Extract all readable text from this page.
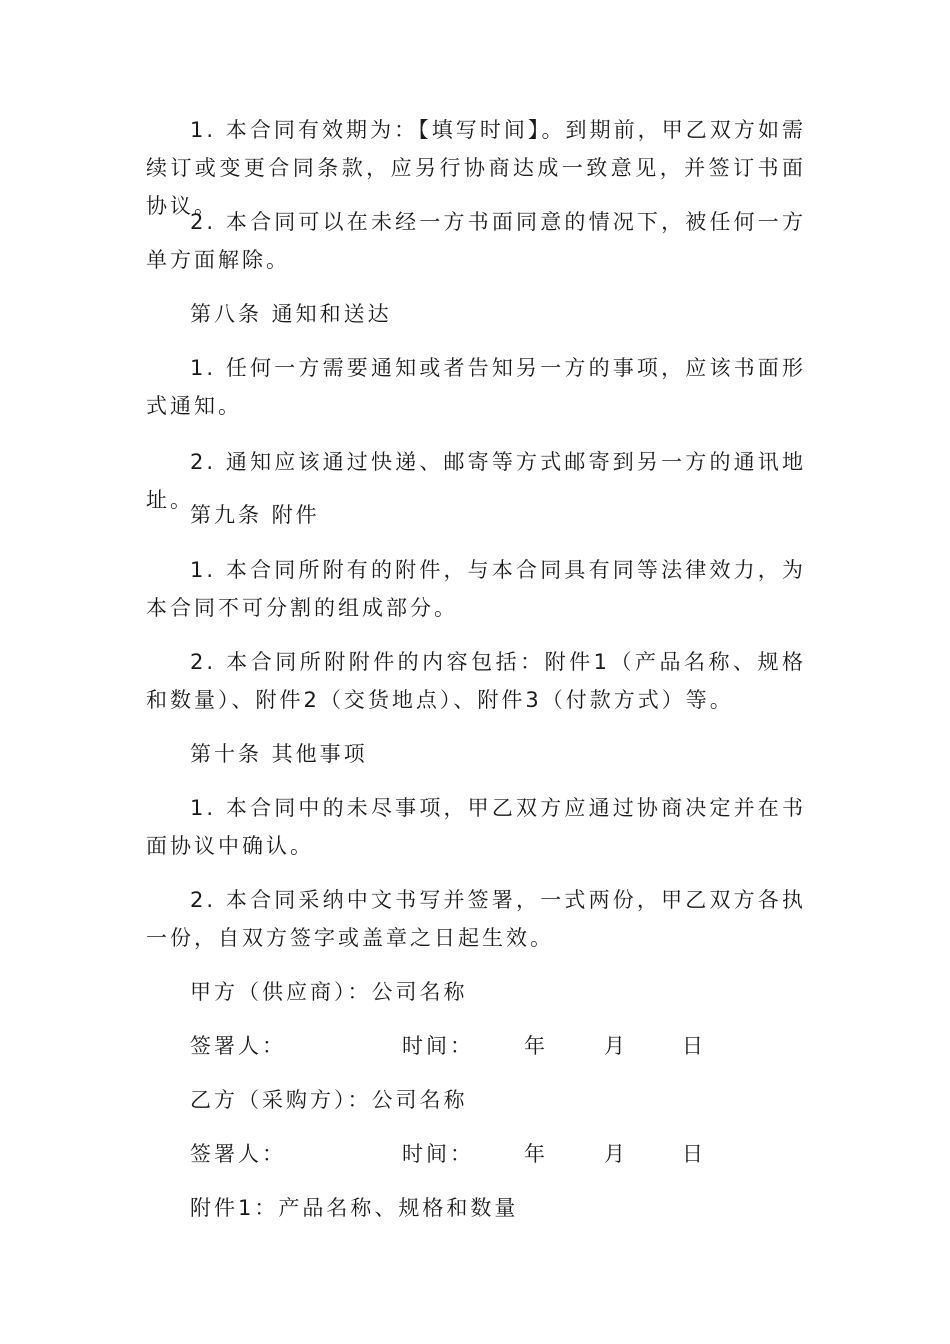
1. 本合同有效期为：【填写时间】。到期前，甲乙双方如需续订或变更合同条款，应另行协商达成一致意见，并签订书面协议。

2. 本合同可以在未经一方书面同意的情况下，被任何一方单方面解除。

第八条 通知和送达

1. 任何一方需要通知或者告知另一方的事项，应该书面形式通知。

2. 通知应该通过快递、邮寄等方式邮寄到另一方的通讯地址。

第九条 附件

1. 本合同所附有的附件，与本合同具有同等法律效力，为本合同不可分割的组成部分。

2. 本合同所附附件的内容包括：附件1（产品名称、规格和数量）、附件2（交货地点）、附件3（付款方式）等。

第十条 其他事项

1. 本合同中的未尽事项，甲乙双方应通过协商决定并在书面协议中确认。

2. 本合同采纳中文书写并签署，一式两份，甲乙双方各执一份，自双方签字或盖章之日起生效。

甲方（供应商）：公司名称

签署人：	时间： 年	月	日

乙方（采购方）：公司名称

签署人：	时间： 年	月	日

附件1：产品名称、规格和数量
